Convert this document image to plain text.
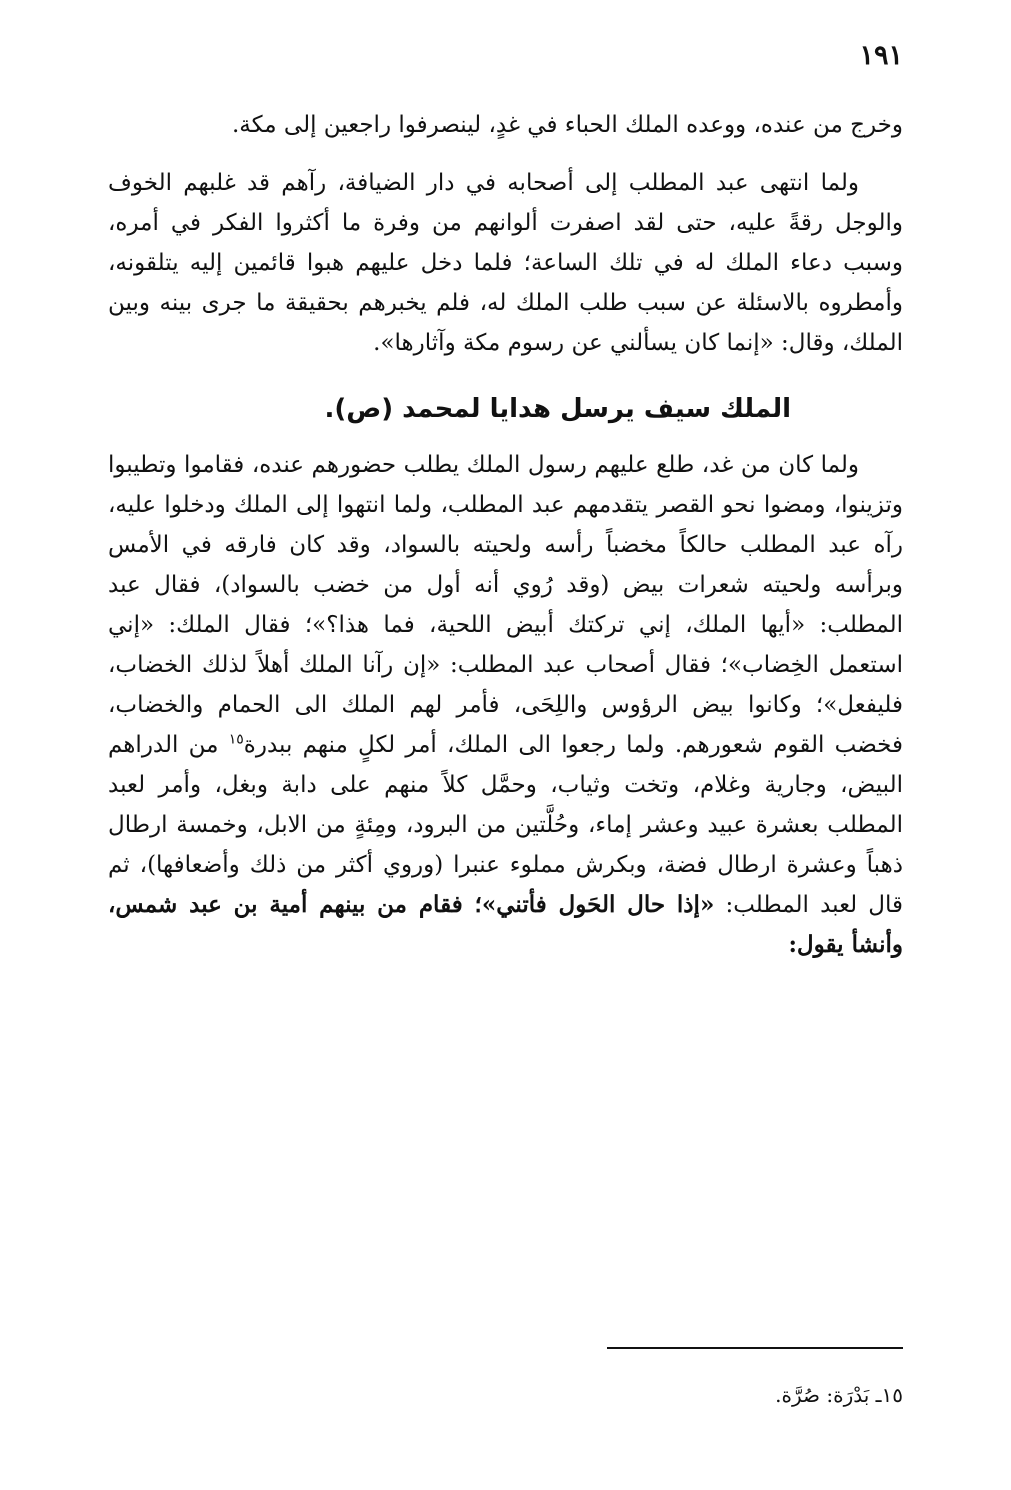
١٩١

وخرج من عنده، ووعده الملك الحباء في غدٍ، لينصرفوا راجعين إلى مكة.

ولما انتهى عبد المطلب إلى أصحابه في دار الضيافة، رآهم قد غلبهم الخوف والوجل رقةً عليه، حتى لقد اصفرت ألوانهم من وفرة ما أكثروا الفكر في أمره، وسبب دعاء الملك له في تلك الساعة؛ فلما دخل عليهم هبوا قائمين إليه يتلقونه، وأمطروه بالاسئلة عن سبب طلب الملك له، فلم يخبرهم بحقيقة ما جرى بينه وبين الملك، وقال: «إنما كان يسألني عن رسوم مكة وآثارها».

الملك سيف يرسل هدايا لمحمد (ص).

ولما كان من غد، طلع عليهم رسول الملك يطلب حضورهم عنده، فقاموا وتطيبوا وتزينوا، ومضوا نحو القصر يتقدمهم عبد المطلب، ولما انتهوا إلى الملك ودخلوا عليه، رآه عبد المطلب حالكاً مخضباً رأسه ولحيته بالسواد، وقد كان فارقه في الأمس وبرأسه ولحيته شعرات بيض (وقد رُوي أنه أول من خضب بالسواد)، فقال عبد المطلب: «أيها الملك، إني تركتك أبيض اللحية، فما هذا؟»؛ فقال الملك: «إني استعمل الخِضاب»؛ فقال أصحاب عبد المطلب: «إن رآنا الملك أهلاً لذلك الخضاب، فليفعل»؛ وكانوا بيض الرؤوس واللِحَى، فأمر لهم الملك الى الحمام والخضاب، فخضب القوم شعورهم. ولما رجعوا الى الملك، أمر لكلٍ منهم ببدرة$^{١٥}$ من الدراهم البيض، وجارية وغلام، وتخت وثياب، وحمَّل كلاً منهم على دابة وبغل، وأمر لعبد المطلب بعشرة عبيد وعشر إماء، وحُلَّتين من البرود، ومِئةٍ من الابل، وخمسة ارطال ذهباً وعشرة ارطال فضة، وبكرش مملوء عنبرا (وروي أكثر من ذلك وأضعافها)، ثم قال لعبد المطلب: «إذا حال الحَول فأتني»؛ فقام من بينهم أمية بن عبد شمس، وأنشأ يقول:

١٥ـ بَدْرَة: صُرَّة.
